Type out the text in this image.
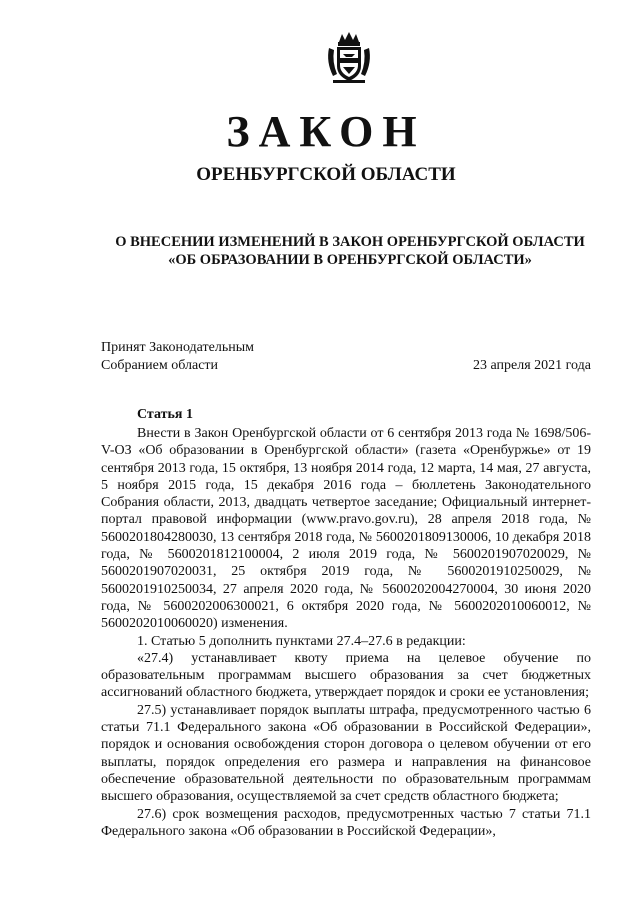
ЗАКОН
ОРЕНБУРГСКОЙ ОБЛАСТИ
О ВНЕСЕНИИ ИЗМЕНЕНИЙ В ЗАКОН ОРЕНБУРГСКОЙ ОБЛАСТИ
«ОБ ОБРАЗОВАНИИ В ОРЕНБУРГСКОЙ ОБЛАСТИ»
Принят Законодательным
Собранием области	23 апреля 2021 года
Статья 1

Внести в Закон Оренбургской области от 6 сентября 2013 года № 1698/506-V-ОЗ «Об образовании в Оренбургской области» (газета «Оренбуржье» от 19 сентября 2013 года, 15 октября, 13 ноября 2014 года, 12 марта, 14 мая, 27 августа, 5 ноября 2015 года, 15 декабря 2016 года – бюллетень Законодательного Собрания области, 2013, двадцать четвертое заседание; Официальный интернет-портал правовой информации (www.pravo.gov.ru), 28 апреля 2018 года, № 5600201804280030, 13 сентября 2018 года, № 5600201809130006, 10 декабря 2018 года, № 5600201812100004, 2 июля 2019 года, № 5600201907020029, № 5600201907020031, 25 октября 2019 года, № 5600201910250029, № 5600201910250034, 27 апреля 2020 года, № 5600202004270004, 30 июня 2020 года, № 5600202006300021, 6 октября 2020 года, № 5600202010060012, № 5600202010060020) изменения.

1. Статью 5 дополнить пунктами 27.4–27.6 в редакции:

«27.4) устанавливает квоту приема на целевое обучение по образовательным программам высшего образования за счет бюджетных ассигнований областного бюджета, утверждает порядок и сроки ее установления;

27.5) устанавливает порядок выплаты штрафа, предусмотренного частью 6 статьи 71.1 Федерального закона «Об образовании в Российской Федерации», порядок и основания освобождения сторон договора о целевом обучении от его выплаты, порядок определения его размера и направления на финансовое обеспечение образовательной деятельности по образовательным программам высшего образования, осуществляемой за счет средств областного бюджета;

27.6) срок возмещения расходов, предусмотренных частью 7 статьи 71.1 Федерального закона «Об образовании в Российской Федерации»,
